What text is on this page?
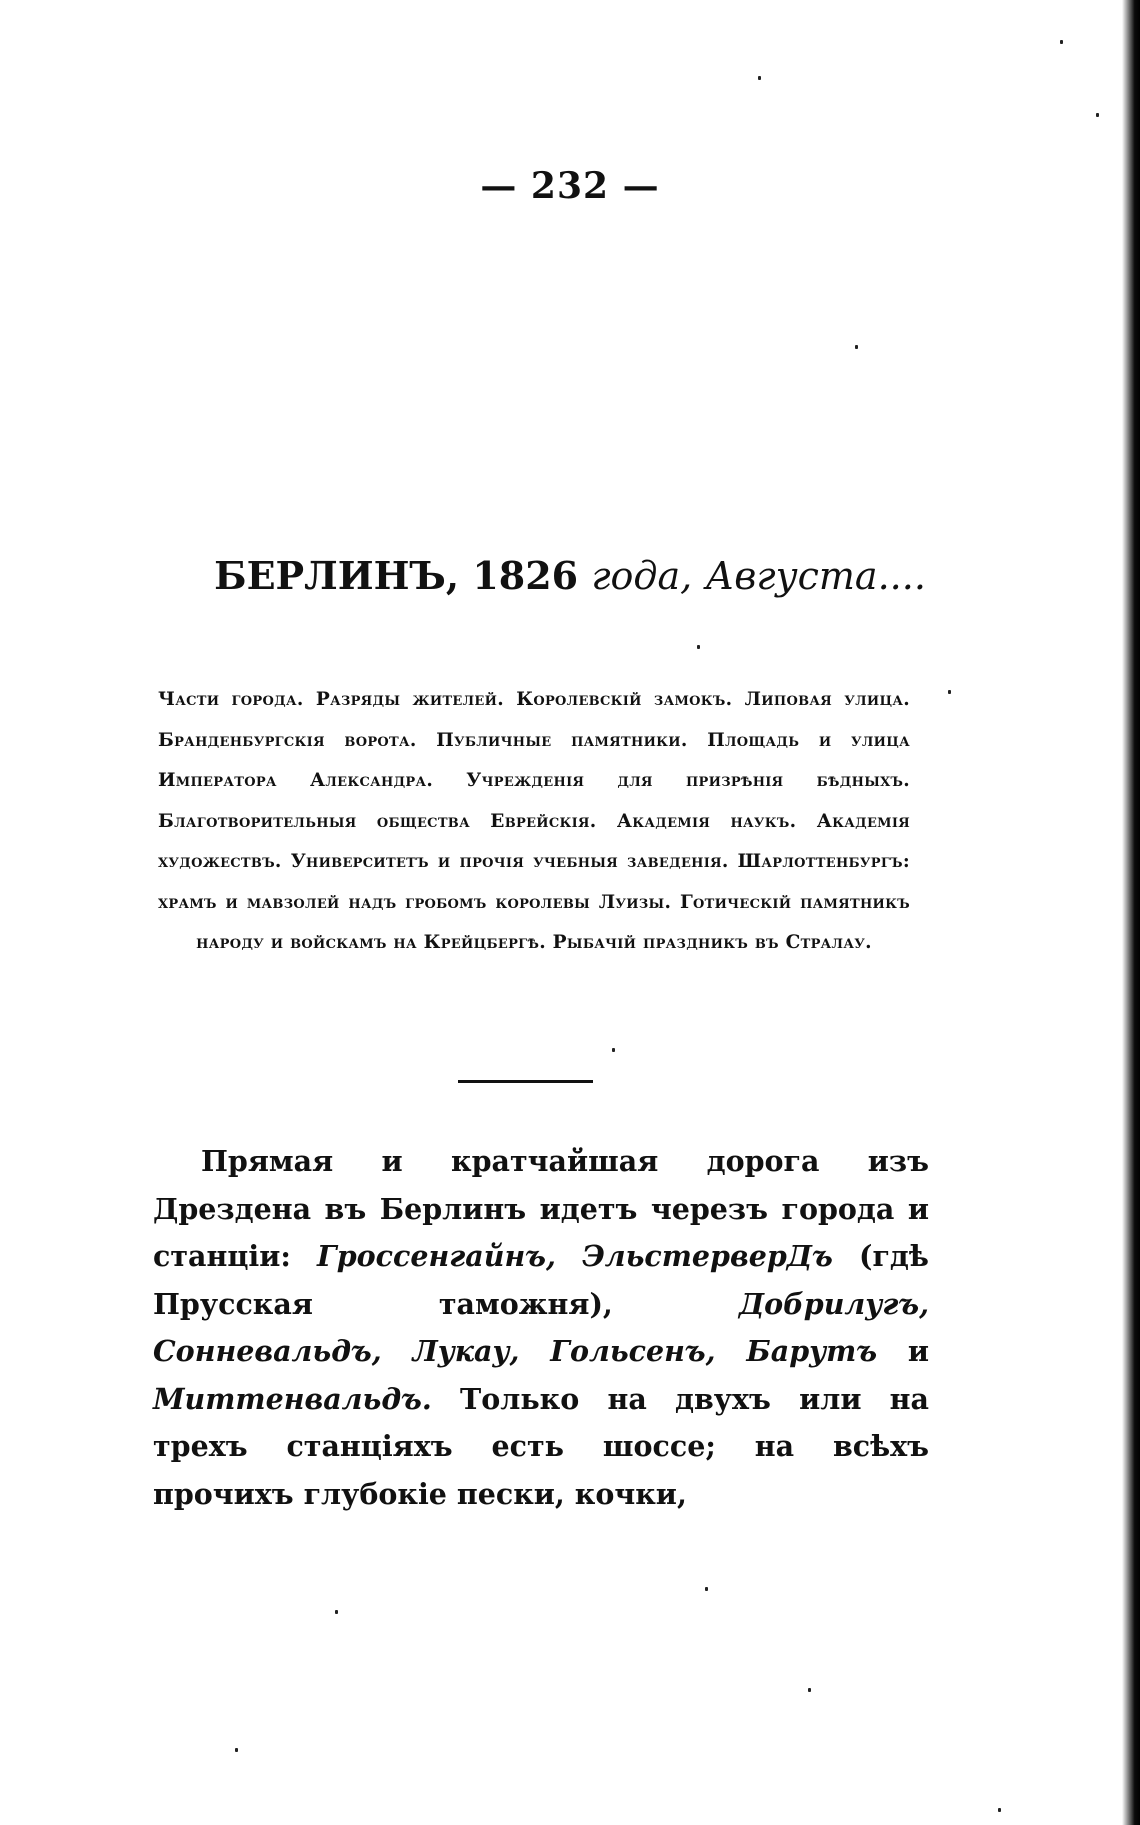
— 232 —
БЕРЛИНЪ, 1826 года, Августа....
Части города. Разряды жителей. Королевскій замокъ. Липовая улица. Бранденбургскія ворота. Публичные памятники. Площадь и улица Императора Александра. Учрежденія для призрѣнія бѣдныхъ. Благотворительныя общества Еврейскія. Академія наукъ. Академія художествъ. Университетъ и прочія учебныя заведенія. Шарлоттенбургъ: храмъ и мавзолей надъ гробомъ королевы Луизы. Готическій памятникъ народу и войскамъ на Крейцбергѣ. Рыбачій праздникъ въ Стралау.
Прямая и кратчайшая дорога изъ Дрездена въ Берлинъ идетъ черезъ города и станціи: Гроссенгайнъ, ЭльстерверДъ (гдѣ Прусская таможня),	Добрилугъ, Сонневальдъ, Лукау, Гольсенъ, Барутъ и Миттенвальдъ. Только на двухъ или на трехъ станціяхъ есть шоссе; на всѣхъ прочихъ глубокіе пески, кочки,
